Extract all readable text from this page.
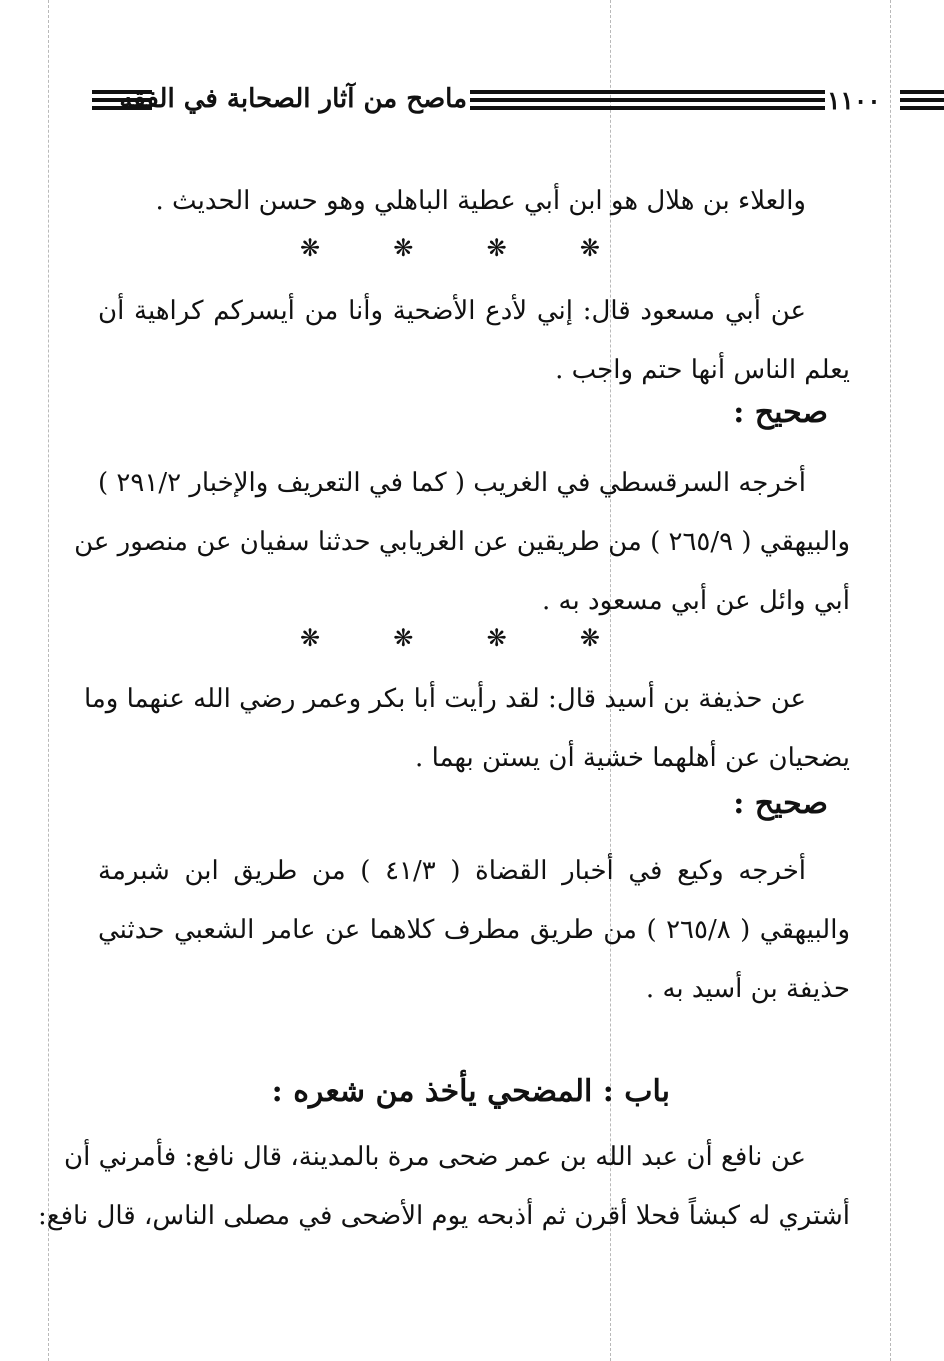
ماصح من آثار الصحابة في الفقه	١١٠٠
والعلاء بن هلال هو ابن أبي عطية الباهلي وهو حسن الحديث .
❋	❋	❋	❋
عن أبي مسعود قال: إني لأدع الأضحية وأنا من أيسركم كراهية أن
يعلم الناس أنها حتم واجب .
صحيح :
أخرجه السرقسطي في الغريب ( كما في التعريف والإخبار ٢٩١/٢ )
والبيهقي ( ٢٦٥/٩ ) من طريقين عن الغريابي حدثنا سفيان عن منصور عن
أبي وائل عن أبي مسعود به .
❋	❋	❋	❋
عن حذيفة بن أسيد قال: لقد رأيت أبا بكر وعمر رضي الله عنهما وما
يضحيان عن أهلهما خشية أن يستن بهما .
صحيح :
أخرجه وكيع في أخبار القضاة ( ٤١/٣ ) من طريق ابن شبرمة
والبيهقي ( ٢٦٥/٨ ) من طريق مطرف كلاهما عن عامر الشعبي حدثني
حذيفة بن أسيد به .
باب : المضحي يأخذ من شعره :
عن نافع أن عبد الله بن عمر ضحى مرة بالمدينة، قال نافع: فأمرني أن
أشتري له كبشاً فحلا أقرن ثم أذبحه يوم الأضحى في مصلى الناس، قال نافع:
